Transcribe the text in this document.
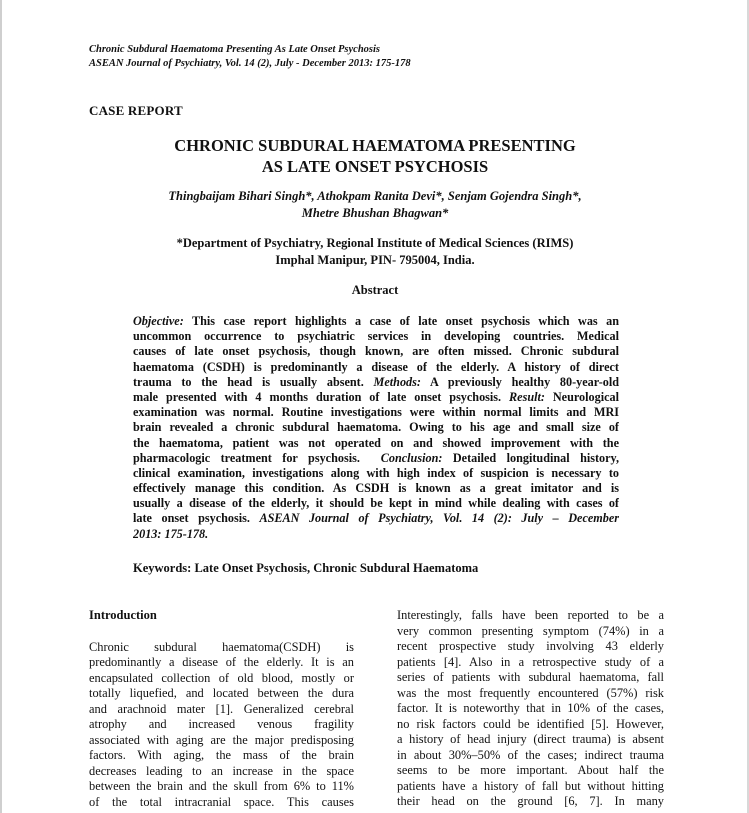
Chronic Subdural Haematoma Presenting As Late Onset Psychosis
ASEAN Journal of Psychiatry, Vol. 14 (2), July - December 2013: 175-178
CASE REPORT
CHRONIC SUBDURAL HAEMATOMA PRESENTING
AS LATE ONSET PSYCHOSIS
Thingbaijam Bihari Singh*, Athokpam Ranita Devi*, Senjam Gojendra Singh*,
Mhetre Bhushan Bhagwan*
*Department of Psychiatry, Regional Institute of Medical Sciences (RIMS)
Imphal Manipur, PIN- 795004, India.
Abstract
Objective: This case report highlights a case of late onset psychosis which was an
uncommon occurrence to psychiatric services in developing countries. Medical
causes of late onset psychosis, though known, are often missed. Chronic subdural
haematoma (CSDH) is predominantly a disease of the elderly. A history of direct
trauma to the head is usually absent. Methods: A previously healthy 80-year-old
male presented with 4 months duration of late onset psychosis. Result: Neurological
examination was normal. Routine investigations were within normal limits and MRI
brain revealed a chronic subdural haematoma. Owing to his age and small size of
the haematoma, patient was not operated on and showed improvement with the
pharmacologic treatment for psychosis. Conclusion: Detailed longitudinal history,
clinical examination, investigations along with high index of suspicion is necessary to
effectively manage this condition. As CSDH is known as a great imitator and is
usually a disease of the elderly, it should be kept in mind while dealing with cases of
late onset psychosis. ASEAN Journal of Psychiatry, Vol. 14 (2): July – December
2013: 175-178.
Keywords: Late Onset Psychosis, Chronic Subdural Haematoma
Introduction
Chronic subdural haematoma(CSDH) is
predominantly a disease of the elderly. It is an
encapsulated collection of old blood, mostly or
totally liquefied, and located between the dura
and arachnoid mater [1]. Generalized cerebral
atrophy and increased venous fragility
associated with aging are the major predisposing
factors. With aging, the mass of the brain
decreases leading to an increase in the space
between the brain and the skull from 6% to 11%
of the total intracranial space. This causes
Interestingly, falls have been reported to be a
very common presenting symptom (74%) in a
recent prospective study involving 43 elderly
patients [4]. Also in a retrospective study of a
series of patients with subdural haematoma, fall
was the most frequently encountered (57%) risk
factor. It is noteworthy that in 10% of the cases,
no risk factors could be identified [5]. However,
a history of head injury (direct trauma) is absent
in about 30%–50% of the cases; indirect trauma
seems to be more important. About half the
patients have a history of fall but without hitting
their head on the ground [6, 7]. In many
